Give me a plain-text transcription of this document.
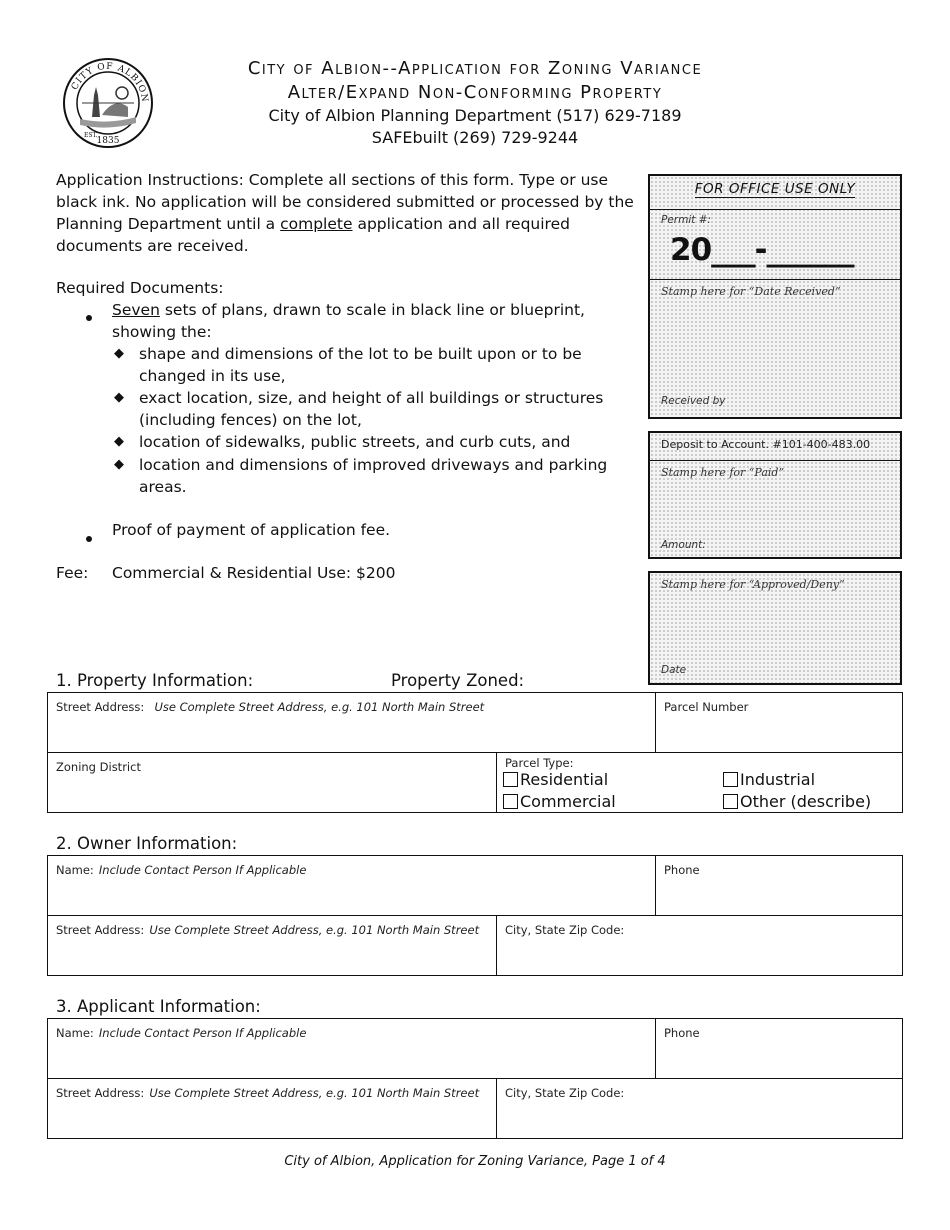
CITY OF ALBION
EST.
1835
City of Albion--Application for Zoning Variance
Alter/Expand Non-Conforming Property
City of Albion Planning Department (517) 629-7189
SAFEbuilt (269) 729-9244
Application Instructions: Complete all sections of this form. Type or use black ink. No application will be considered submitted or processed by the Planning Department until a complete application and all required documents are received.
Required Documents:
Seven sets of plans, drawn to scale in black line or blueprint, showing the:
◆ shape and dimensions of the lot to be built upon or to be changed in its use,
◆ exact location, size, and height of all buildings or structures (including fences) on the lot,
◆ location of sidewalks, public streets, and curb cuts, and
◆ location and dimensions of improved driveways and parking areas.
Proof of payment of application fee.
Fee: Commercial & Residential Use: $200
FOR OFFICE USE ONLY
Permit #:
20___-______
Stamp here for “Date Received”
Received by
Deposit to Account. #101-400-483.00
Stamp here for “Paid”
Amount:
Stamp here for “Approved/Deny”
Date
1. Property Information:	Property Zoned:
Street Address: Use Complete Street Address, e.g. 101 North Main Street		Parcel Number
Zoning District	Parcel Type:
Residential
Commercial
Industrial
Other (describe)	
2. Owner Information:
Name: Include Contact Person If Applicable		Phone
Street Address: Use Complete Street Address, e.g. 101 North Main Street	City, State Zip Code:	
3. Applicant Information:
Name: Include Contact Person If Applicable		Phone
Street Address: Use Complete Street Address, e.g. 101 North Main Street	City, State Zip Code:	
City of Albion, Application for Zoning Variance, Page 1 of 4
